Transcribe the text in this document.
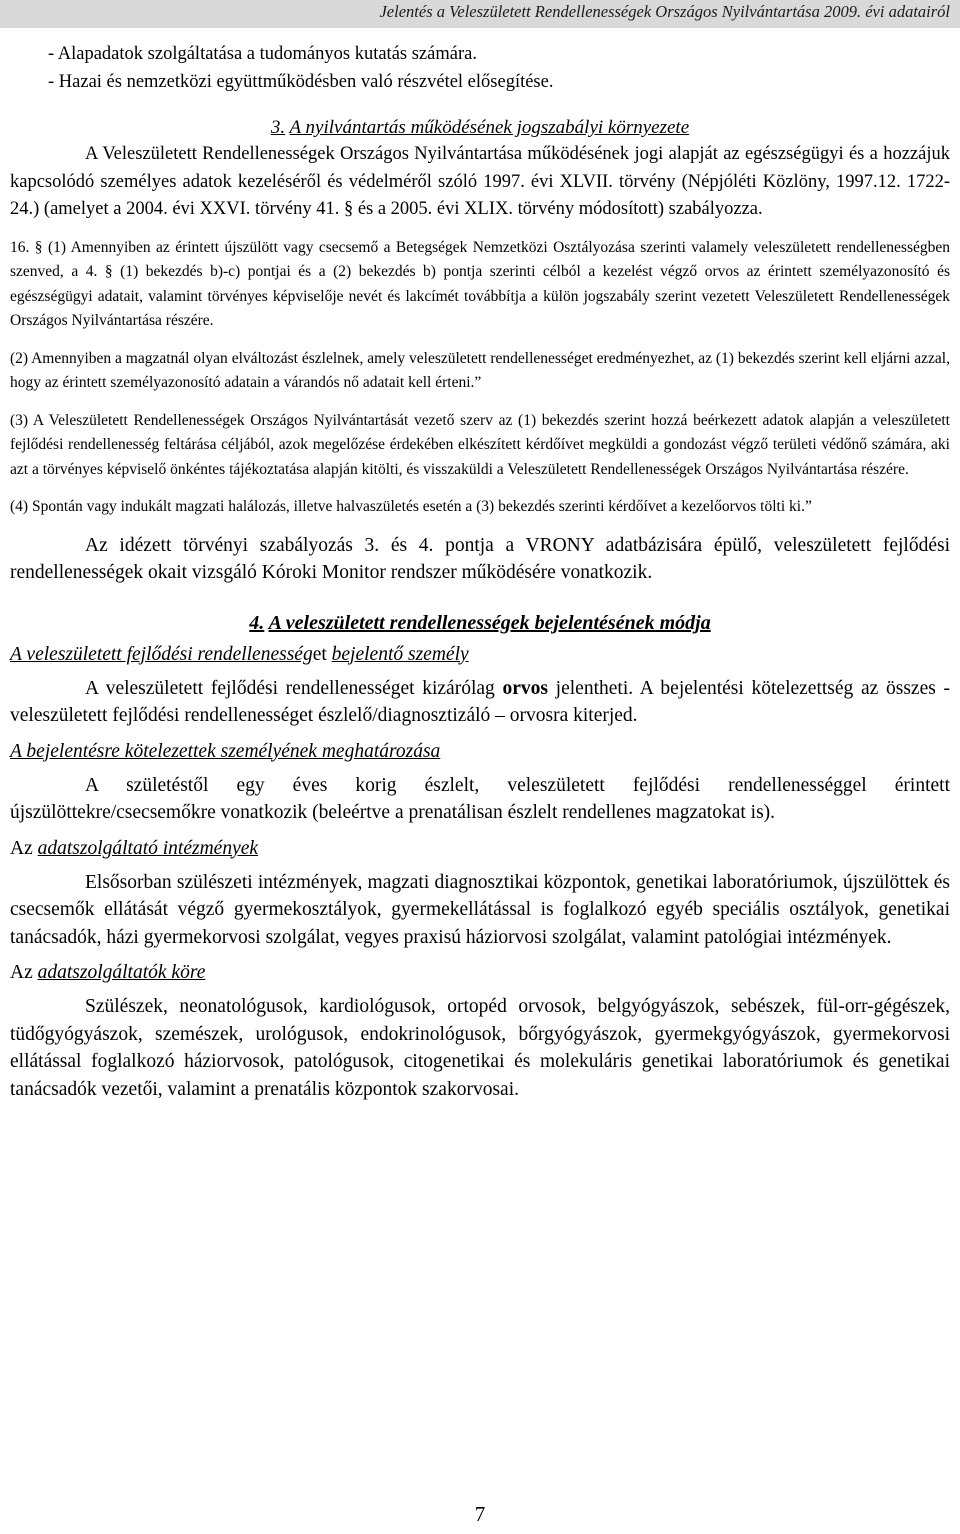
Jelentés a Veleszületett Rendellenességek Országos Nyilvántartása 2009. évi adatairól
- Alapadatok szolgáltatása a tudományos kutatás számára.
- Hazai és nemzetközi együttműködésben való részvétel elősegítése.
3. A nyilvántartás működésének jogszabályi környezete
A Veleszületett Rendellenességek Országos Nyilvántartása működésének jogi alapját az egészségügyi és a hozzájuk kapcsolódó személyes adatok kezeléséről és védelméről szóló 1997. évi XLVII. törvény (Népjóléti Közlöny, 1997.12. 1722-24.) (amelyet a 2004. évi XXVI. törvény 41. § és a 2005. évi XLIX. törvény módosított) szabályozza.
16. § (1) Amennyiben az érintett újszülött vagy csecsemő a Betegségek Nemzetközi Osztályozása szerinti valamely veleszületett rendellenességben szenved, a 4. § (1) bekezdés b)-c) pontjai és a (2) bekezdés b) pontja szerinti célból a kezelést végző orvos az érintett személyazonosító és egészségügyi adatait, valamint törvényes képviselője nevét és lakcímét továbbítja a külön jogszabály szerint vezetett Veleszületett Rendellenességek Országos Nyilvántartása részére.
(2) Amennyiben a magzatnál olyan elváltozást észlelnek, amely veleszületett rendellenességet eredményezhet, az (1) bekezdés szerint kell eljárni azzal, hogy az érintett személyazonosító adatain a várandós nő adatait kell érteni.”
(3) A Veleszületett Rendellenességek Országos Nyilvántartását vezető szerv az (1) bekezdés szerint hozzá beérkezett adatok alapján a veleszületett fejlődési rendellenesség feltárása céljából, azok megelőzése érdekében elkészített kérdőívet megküldi a gondozást végző területi védőnő számára, aki azt a törvényes képviselő önkéntes tájékoztatása alapján kitölti, és visszaküldi a Veleszületett Rendellenességek Országos Nyilvántartása részére.
(4) Spontán vagy indukált magzati halálozás, illetve halvaszületés esetén a (3) bekezdés szerinti kérdőívet a kezelőorvos tölti ki.”
Az idézett törvényi szabályozás 3. és 4. pontja a VRONY adatbázisára épülő, veleszületett fejlődési rendellenességek okait vizsgáló Kóroki Monitor rendszer működésére vonatkozik.
4. A veleszületett rendellenességek bejelentésének módja
A veleszületett fejlődési rendellenességet bejelentő személy
A veleszületett fejlődési rendellenességet kizárólag orvos jelentheti. A bejelentési kötelezettség az összes - veleszületett fejlődési rendellenességet észlelő/diagnosztizáló – orvosra kiterjed.
A bejelentésre kötelezettek személyének meghatározása
A születéstől egy éves korig észlelt, veleszületett fejlődési rendellenességgel érintett újszülöttekre/csecsemőkre vonatkozik (beleértve a prenatálisan észlelt rendellenes magzatokat is).
Az adatszolgáltató intézmények
Elsősorban szülészeti intézmények, magzati diagnosztikai központok, genetikai laboratóriumok, újszülöttek és csecsemők ellátását végző gyermekosztályok, gyermekellátással is foglalkozó egyéb speciális osztályok, genetikai tanácsadók, házi gyermekorvosi szolgálat, vegyes praxisú háziorvosi szolgálat, valamint patológiai intézmények.
Az adatszolgáltatók köre
Szülészek, neonatológusok, kardiológusok, ortopéd orvosok, belgyógyászok, sebészek, fül-orr-gégészek, tüdőgyógyászok, szemészek, urológusok, endokrinológusok, bőrgyógyászok, gyermekgyógyászok, gyermekorvosi ellátással foglalkozó háziorvosok, patológusok, citogenetikai és molekuláris genetikai laboratóriumok és genetikai tanácsadók vezetői, valamint a prenatális központok szakorvosai.
7
